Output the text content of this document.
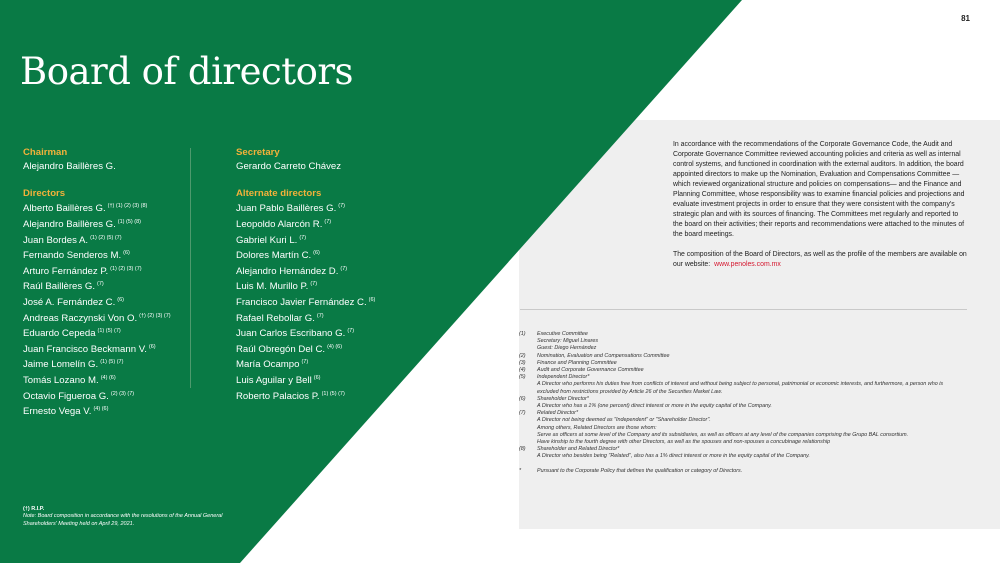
81
Board of directors
Chairman
Alejandro Baillères G.
Directors
Alberto Baillères G. $^{(\dagger) (1) (2) (3) (8)}$
Alejandro Baillères G. $^{(1) (5) (8)}$
Juan Bordes A. $^{(1) (2) (5) (7)}$
Fernando Senderos M. $^{(6)}$
Arturo Fernández P. $^{(1) (2) (3) (7)}$
Raúl Baillères G. $^{(7)}$
José A. Fernández C. $^{(6)}$
Andreas Raczynski Von O. $^{(\dagger) (2) (3) (7)}$
Eduardo Cepeda $^{(1) (5) (7)}$
Juan Francisco Beckmann V. $^{(6)}$
Jaime Lomelín G. $^{(1) (5) (7)}$
Tomás Lozano M. $^{(4) (6)}$
Octavio Figueroa G. $^{(2) (3) (7)}$
Ernesto Vega V. $^{(4) (6)}$
Secretary
Gerardo Carreto Chávez
Alternate directors
Juan Pablo Baillères G. $^{(7)}$
Leopoldo Alarcón R. $^{(7)}$
Gabriel Kuri L. $^{(7)}$
Dolores Martín C. $^{(6)}$
Alejandro Hernández D. $^{(7)}$
Luis M. Murillo P. $^{(7)}$
Francisco Javier Fernández C. $^{(6)}$
Rafael Rebollar G. $^{(7)}$
Juan Carlos Escribano G. $^{(7)}$
Raúl Obregón Del C. $^{(4) (6)}$
María Ocampo $^{(7)}$
Luis Aguilar y Bell $^{(6)}$
Roberto Palacios P. $^{(1) (5) (7)}$
(†) R.I.P.
Note: Board composition in accordance with the resolutions of the Annual General Shareholders' Meeting held on April 29, 2021.

In accordance with the recommendations of the Corporate Governance Code, the Audit and Corporate Governance Committee reviewed accounting policies and criteria as well as internal control systems, and functioned in coordination with the external auditors. In addition, the board appointed directors to make up the Nomination, Evaluation and Compensations Committee —which reviewed organizational structure and policies on compensations— and the Finance and Planning Committee, whose responsibility was to examine financial policies and projections and evaluate investment projects in order to ensure that they were consistent with the company's strategic plan and with its sources of financing. The Committees met regularly and reported to the board on their activities; their reports and recommendations were attached to the minutes of the board meetings.

The composition of the Board of Directors, as well as the profile of the members are available on our website: www.penoles.com.mx

(1)	Executive Committee
Secretary: Miguel Linares
Guest: Diego Hernández
(2)	Nomination, Evaluation and Compensations Committee
(3)	Finance and Planning Committee
(4)	Audit and Corporate Governance Committee
(5)	Independent Director*
A Director who performs his duties free from conflicts of interest and without being subject to personal, patrimonial or economic interests, and furthermore, a person who is excluded from restrictions provided by Article 26 of the Securities Market Law.
(6)	Shareholder Director*
A Director who has a 1% (one percent) direct interest or more in the equity capital of the Company.
(7)	Related Director*
A Director not being deemed as "Independent" or "Shareholder Director".
Among others, Related Directors are those whom:
Serve as officers at some level of the Company and its subsidiaries, as well as officers at any level of the companies comprising the Grupo BAL consortium.
Have kinship to the fourth degree with other Directors, as well as the spouses and non-spouses a concubinage relationship
(8)	Shareholder and Related Director*
A Director who besides being "Related", also has a 1% direct interest or more in the equity capital of the Company.
*	Pursuant to the Corporate Policy that defines the qualification or category of Directors.
